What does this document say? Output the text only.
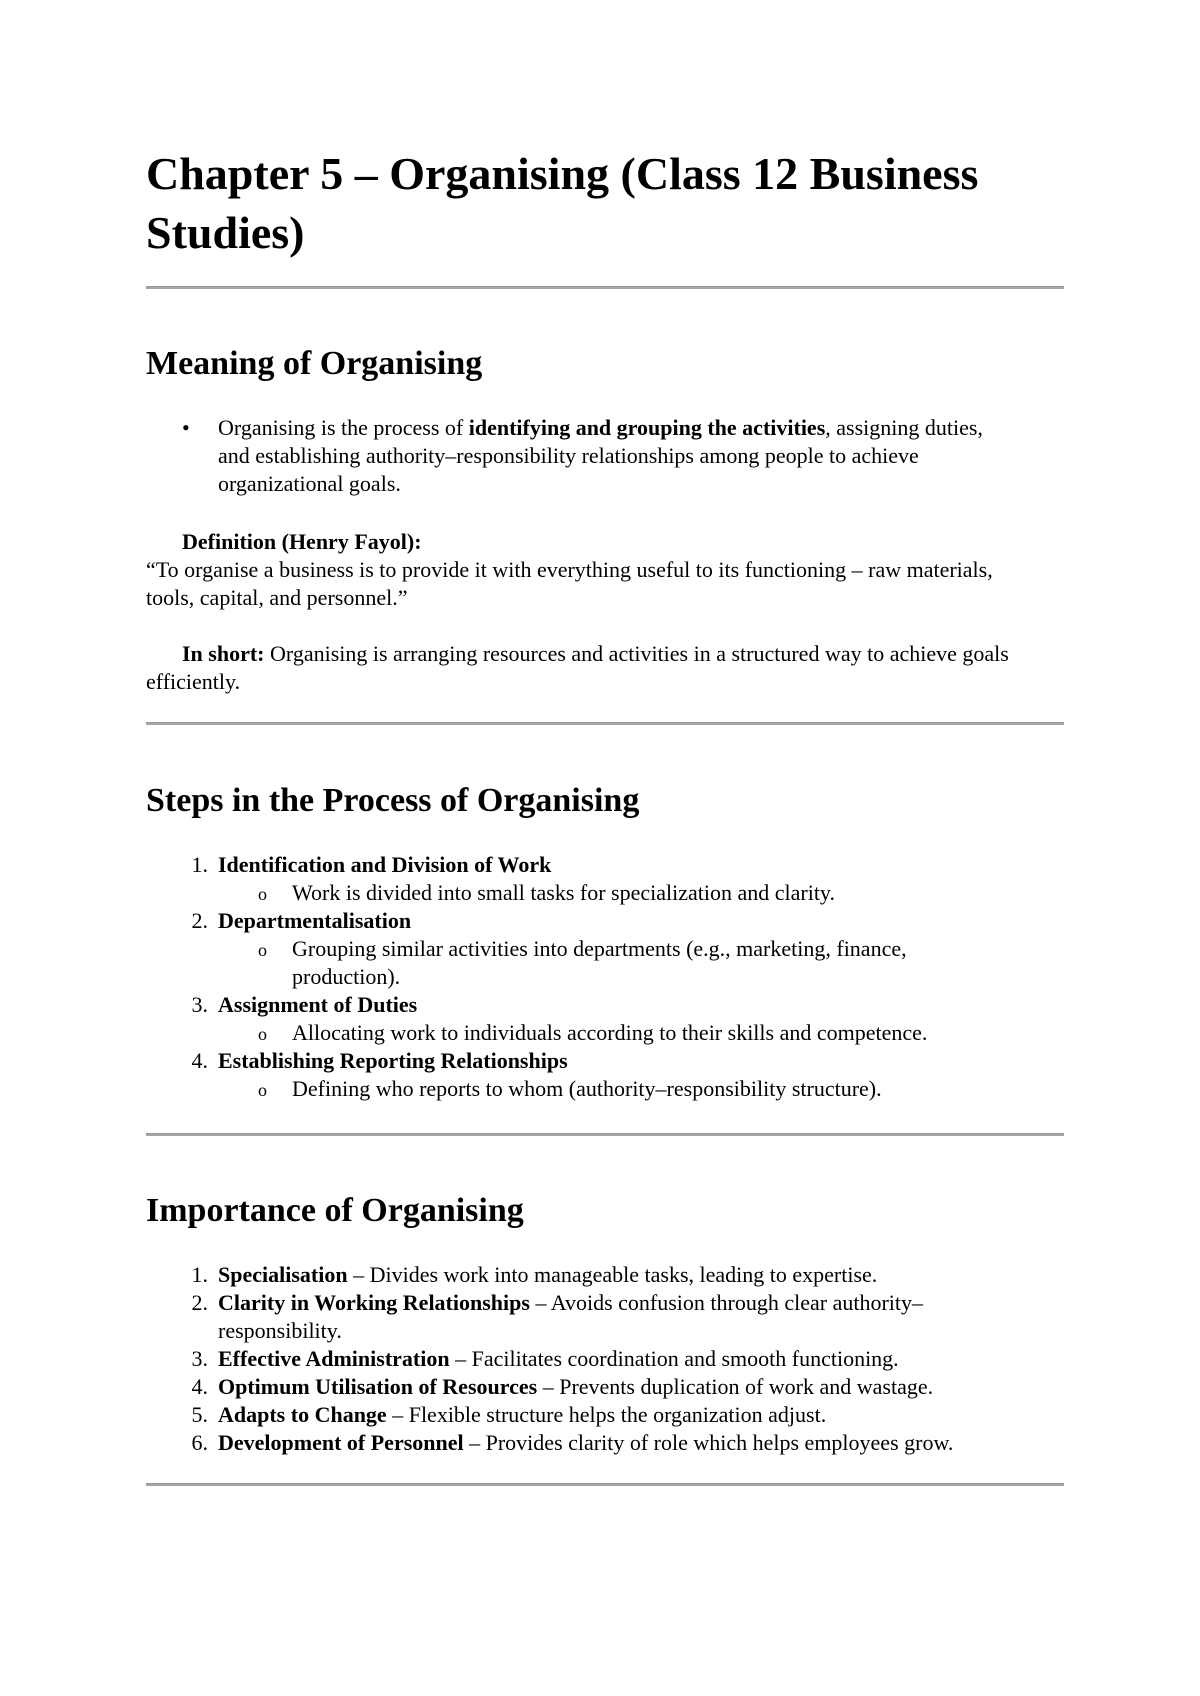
Chapter 5 – Organising (Class 12 Business Studies)
Meaning of Organising
• Organising is the process of identifying and grouping the activities, assigning duties, and establishing authority–responsibility relationships among people to achieve organizational goals.
Definition (Henry Fayol):
“To organise a business is to provide it with everything useful to its functioning – raw materials, tools, capital, and personnel.”
In short: Organising is arranging resources and activities in a structured way to achieve goals efficiently.
Steps in the Process of Organising
1. Identification and Division of Work
o Work is divided into small tasks for specialization and clarity.
2. Departmentalisation
o Grouping similar activities into departments (e.g., marketing, finance, production).
3. Assignment of Duties
o Allocating work to individuals according to their skills and competence.
4. Establishing Reporting Relationships
o Defining who reports to whom (authority–responsibility structure).
Importance of Organising
1. Specialisation – Divides work into manageable tasks, leading to expertise.
2. Clarity in Working Relationships – Avoids confusion through clear authority–responsibility.
3. Effective Administration – Facilitates coordination and smooth functioning.
4. Optimum Utilisation of Resources – Prevents duplication of work and wastage.
5. Adapts to Change – Flexible structure helps the organization adjust.
6. Development of Personnel – Provides clarity of role which helps employees grow.
